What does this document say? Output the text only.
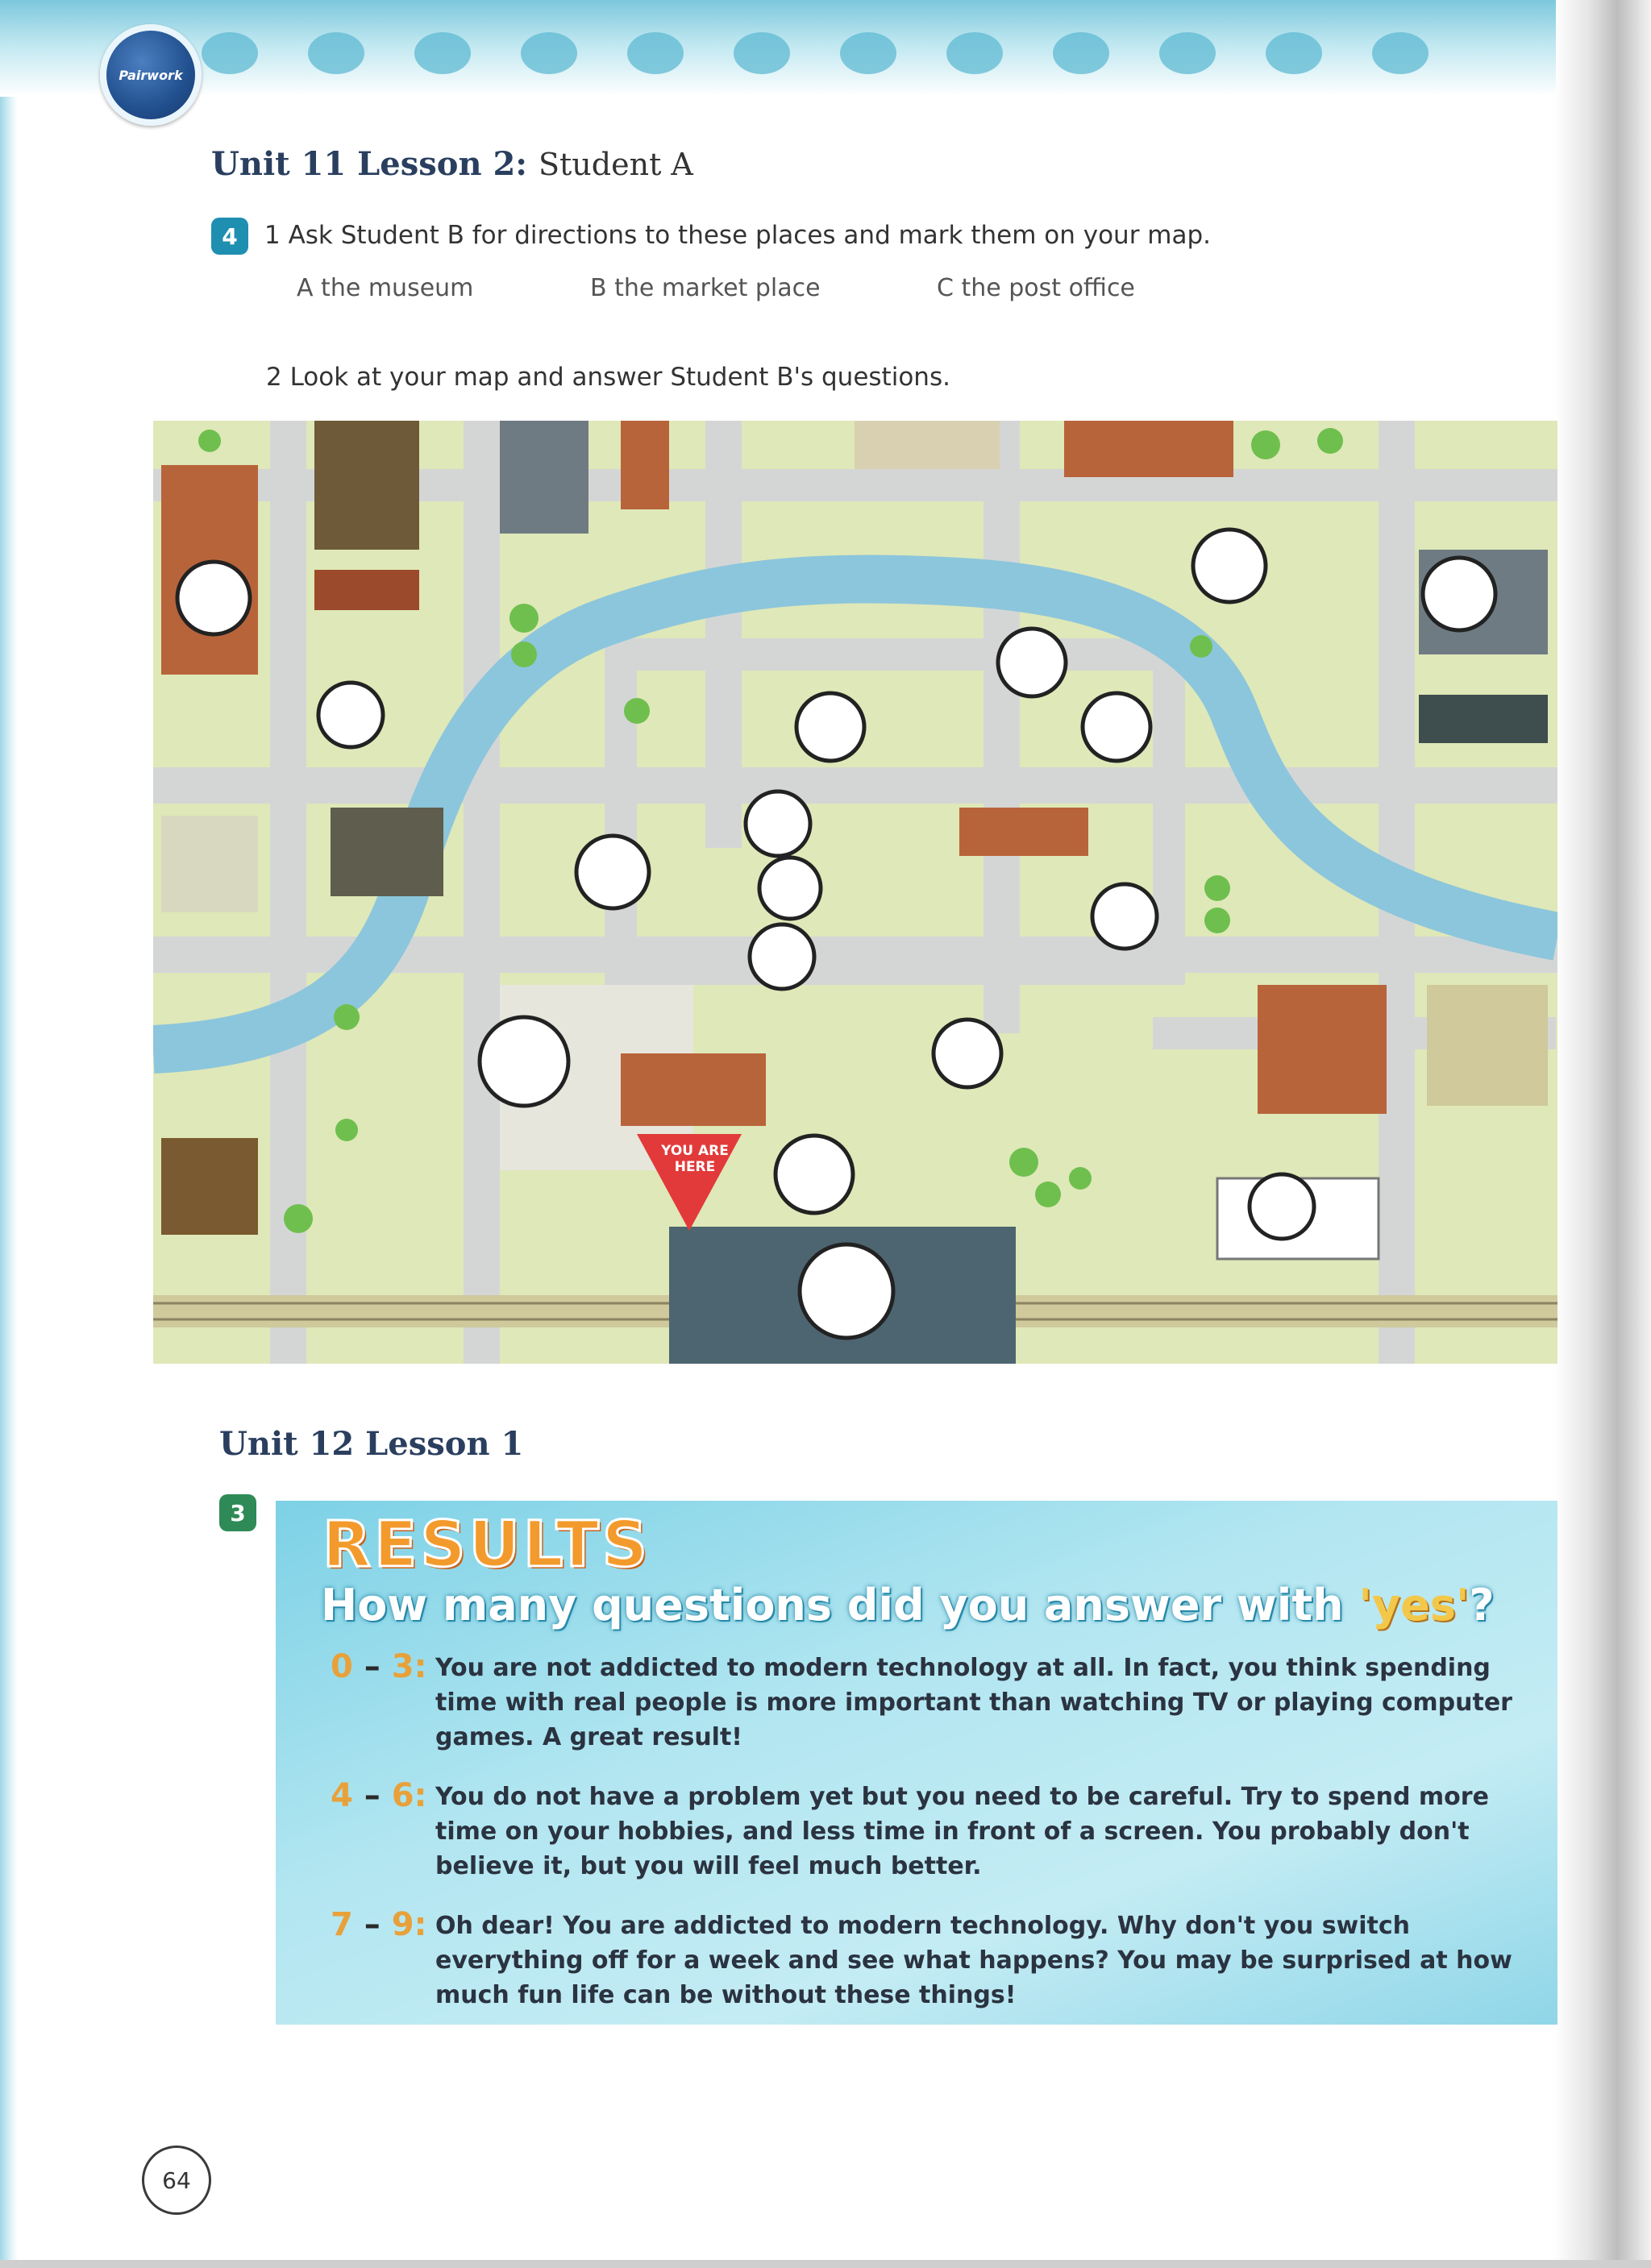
Pairwork
Unit 11 Lesson 2: Student A
4	1 Ask Student B for directions to these places and mark them on your map.
A the museum	B the market place	C the post office
2 Look at your map and answer Student B's questions.
YOU ARE HERE
Unit 12 Lesson 1
3 RESULTS
How many questions did you answer with 'yes'?
0 – 3: You are not addicted to modern technology at all. In fact, you think spending time with real people is more important than watching TV or playing computer games. A great result!
4 – 6: You do not have a problem yet but you need to be careful. Try to spend more time on your hobbies, and less time in front of a screen. You probably don't believe it, but you will feel much better.
7 – 9: Oh dear! You are addicted to modern technology. Why don't you switch everything off for a week and see what happens? You may be surprised at how much fun life can be without these things!
64
